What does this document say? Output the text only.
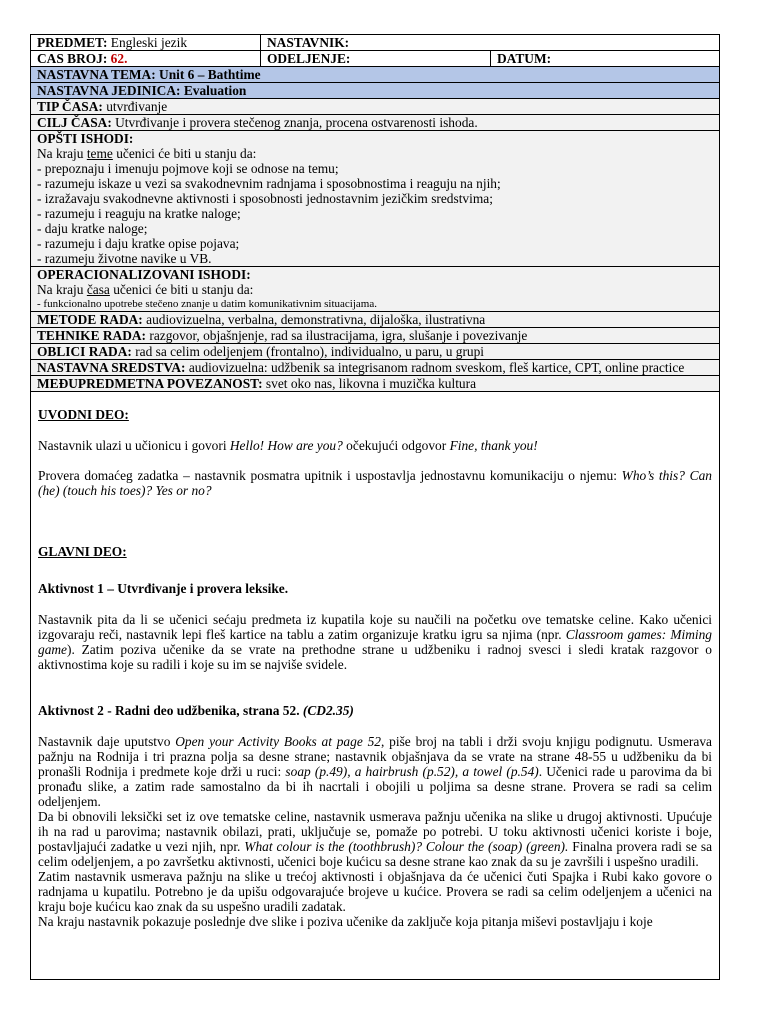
PREDMET: Engleski jezik	NASTAVNIK:
CAS BROJ: 62.	ODELJENJE:	DATUM:
NASTAVNA TEMA: Unit 6 – Bathtime
NASTAVNA JEDINICA: Evaluation
TIP ČASA: utvrđivanje
CILJ ČASA: Utvrđivanje i provera stečenog znanja, procena ostvarenosti ishoda.
OPŠTI ISHODI:
Na kraju teme učenici će biti u stanju da:
- prepoznaju i imenuju pojmove koji se odnose na temu;
- razumeju iskaze u vezi sa svakodnevnim radnjama i sposobnostima i reaguju na njih;
- izražavaju svakodnevne aktivnosti i sposobnosti jednostavnim jezičkim sredstvima;
- razumeju i reaguju na kratke naloge;
- daju kratke naloge;
- razumeju i daju kratke opise pojava;
- razumeju životne navike u VB.
OPERACIONALIZOVANI ISHODI:
Na kraju časa učenici će biti u stanju da:
- funkcionalno upotrebe stečeno znanje u datim komunikativnim situacijama.
METODE RADA: audiovizuelna, verbalna, demonstrativna, dijaloška, ilustrativna
TEHNIKE RADA: razgovor, objašnjenje, rad sa ilustracijama, igra, slušanje i povezivanje
OBLICI RADA: rad sa celim odeljenjem (frontalno), individualno, u paru, u grupi
NASTAVNA SREDSTVA: audiovizuelna: udžbenik sa integrisanom radnom sveskom, fleš kartice, CPT, online practice
MEĐUPREDMETNA POVEZANOST: svet oko nas, likovna i muzička kultura

UVODNI DEO:

Nastavnik ulazi u učionicu i govori Hello! How are you? očekujući odgovor Fine, thank you!

Provera domaćeg zadatka – nastavnik posmatra upitnik i uspostavlja jednostavnu komunikaciju o njemu: Who’s this? Can (he) (touch his toes)? Yes or no?

GLAVNI DEO:

Aktivnost 1 – Utvrđivanje i provera leksike.

Nastavnik pita da li se učenici sećaju predmeta iz kupatila koje su naučili na početku ove tematske celine. Kako učenici izgovaraju reči, nastavnik lepi fleš kartice na tablu a zatim organizuje kratku igru sa njima (npr. Classroom games: Miming game). Zatim poziva učenike da se vrate na prethodne strane u udžbeniku i radnoj svesci i sledi kratak razgovor o aktivnostima koje su radili i koje su im se najviše svidele.

Aktivnost 2 - Radni deo udžbenika, strana 52. (CD2.35)

Nastavnik daje uputstvo Open your Activity Books at page 52, piše broj na tabli i drži svoju knjigu podignutu. Usmerava pažnju na Rodnija i tri prazna polja sa desne strane; nastavnik objašnjava da se vrate na strane 48-55 u udžbeniku da bi pronašli Rodnija i predmete koje drži u ruci: soap (p.49), a hairbrush (p.52), a towel (p.54). Učenici rade u parovima da bi pronađu slike, a zatim rade samostalno da bi ih nacrtali i obojili u poljima sa desne strane. Provera se radi sa celim odeljenjem.

Da bi obnovili leksički set iz ove tematske celine, nastavnik usmerava pažnju učenika na slike u drugoj aktivnosti. Upućuje ih na rad u parovima; nastavnik obilazi, prati, uključuje se, pomaže po potrebi. U toku aktivnosti učenici koriste i boje, postavljajući zadatke u vezi njih, npr. What colour is the (toothbrush)? Colour the (soap) (green). Finalna provera radi se sa celim odeljenjem, a po završetku aktivnosti, učenici boje kućicu sa desne strane kao znak da su je završili i uspešno uradili.

Zatim nastavnik usmerava pažnju na slike u trećoj aktivnosti i objašnjava da će učenici čuti Spajka i Rubi kako govore o radnjama u kupatilu. Potrebno je da upišu odgovarajuće brojeve u kućice. Provera se radi sa celim odeljenjem a učenici na kraju boje kućicu kao znak da su uspešno uradili zadatak.

Na kraju nastavnik pokazuje poslednje dve slike i poziva učenike da zaključe koja pitanja miševi postavljaju i koje
